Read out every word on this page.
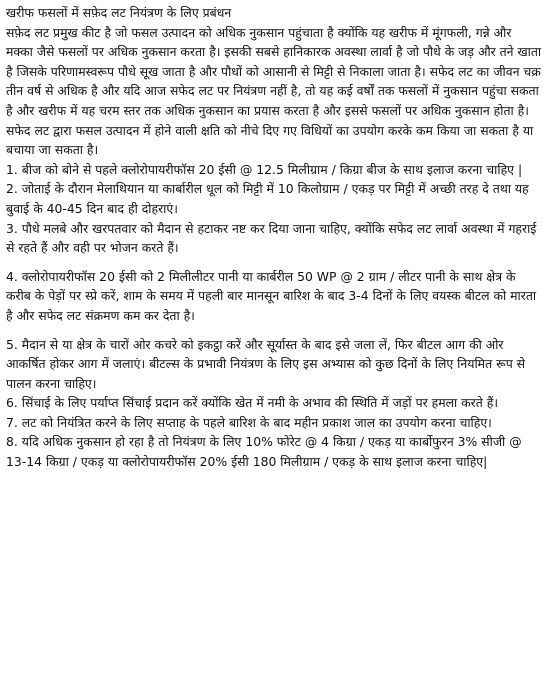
खरीफ फसलों में सफ़ेद लट नियंत्रण के लिए प्रबंधन

सफ़ेद लट प्रमुख कीट है जो फसल उत्पादन को अधिक नुकसान पहुंचाता है क्योंकि यह खरीफ में मूंगफली, गन्ने और मक्का जैसे फसलों पर अधिक नुकसान करता है। इसकी सबसे हानिकारक अवस्था लार्वा है जो पौधे के जड़ और तने खाता है जिसके परिणामस्वरूप पौधे सूख जाता है और पौधों को आसानी से मिट्टी से निकाला जाता है। सफेद लट का जीवन चक्र तीन वर्ष से अधिक है और यदि आज सफेद लट पर नियंत्रण नहीं है, तो यह कई वर्षों तक फसलों में नुकसान पहुंचा सकता है और खरीफ में यह चरम स्तर तक अधिक नुकसान का प्रयास करता है और इससे फसलों पर अधिक नुकसान होता है।

सफेद लट द्वारा फसल उत्पादन में होने वाली क्षति को नीचे दिए गए विधियों का उपयोग करके कम किया जा सकता है या बचाया जा सकता है।

1. बीज को बोने से पहले क्लोरोपायरीफॉस 20 ईसी @ 12.5 मिलीग्राम / किग्रा बीज के साथ इलाज करना चाहिए |

2. जोताई के दौरान मेलाथियान या कार्बारील धूल को मिट्टी में 10 किलोग्राम / एकड़ पर मिट्टी में अच्छी तरह दे तथा यह बुवाई के 40-45 दिन बाद ही दोहराएं।

3. पौधे मलबे और खरपतवार को मैदान से हटाकर नष्ट कर दिया जाना चाहिए, क्योंकि सफेद लट लार्वा अवस्था में गहराई से रहते हैं और वही पर भोजन करते हैं।

4. क्लोरोपायरीफॉस 20 ईसी को 2 मिलीलीटर पानी या कार्बरील 50 WP @ 2 ग्राम / लीटर पानी के साथ क्षेत्र के करीब के पेड़ों पर स्प्रे करें, शाम के समय में पहली बार मानसून बारिश के बाद 3-4 दिनों के लिए वयस्क बीटल को मारता है और सफेद लट संक्रमण कम कर देता है।

5. मैदान से या क्षेत्र के चारों ओर कचरे को इकट्ठा करें और सूर्यास्त के बाद इसे जला लें, फिर बीटल आग की ओर आकर्षित होकर आग में जलाएं। बीटल्स के प्रभावी नियंत्रण के लिए इस अभ्यास को कुछ दिनों के लिए नियमित रूप से पालन करना चाहिए।

6. सिंचाई के लिए पर्याप्त सिंचाई प्रदान करें क्योंकि खेत में नमी के अभाव की स्थिति में जड़ों पर हमला करते हैं।

7. लट को नियंत्रित करने के लिए सप्ताह के पहले बारिश के बाद महीन प्रकाश जाल का उपयोग करना चाहिए।

8. यदि अधिक नुकसान हो रहा है तो नियंत्रण के लिए 10% फोरेट @ 4 किग्रा / एकड़ या कार्बोफुरन 3% सीजी @ 13-14 किग्रा / एकड़ या क्लोरोपायरीफॉस 20% ईसी 180 मिलीग्राम / एकड़ के साथ इलाज करना चाहिए|
